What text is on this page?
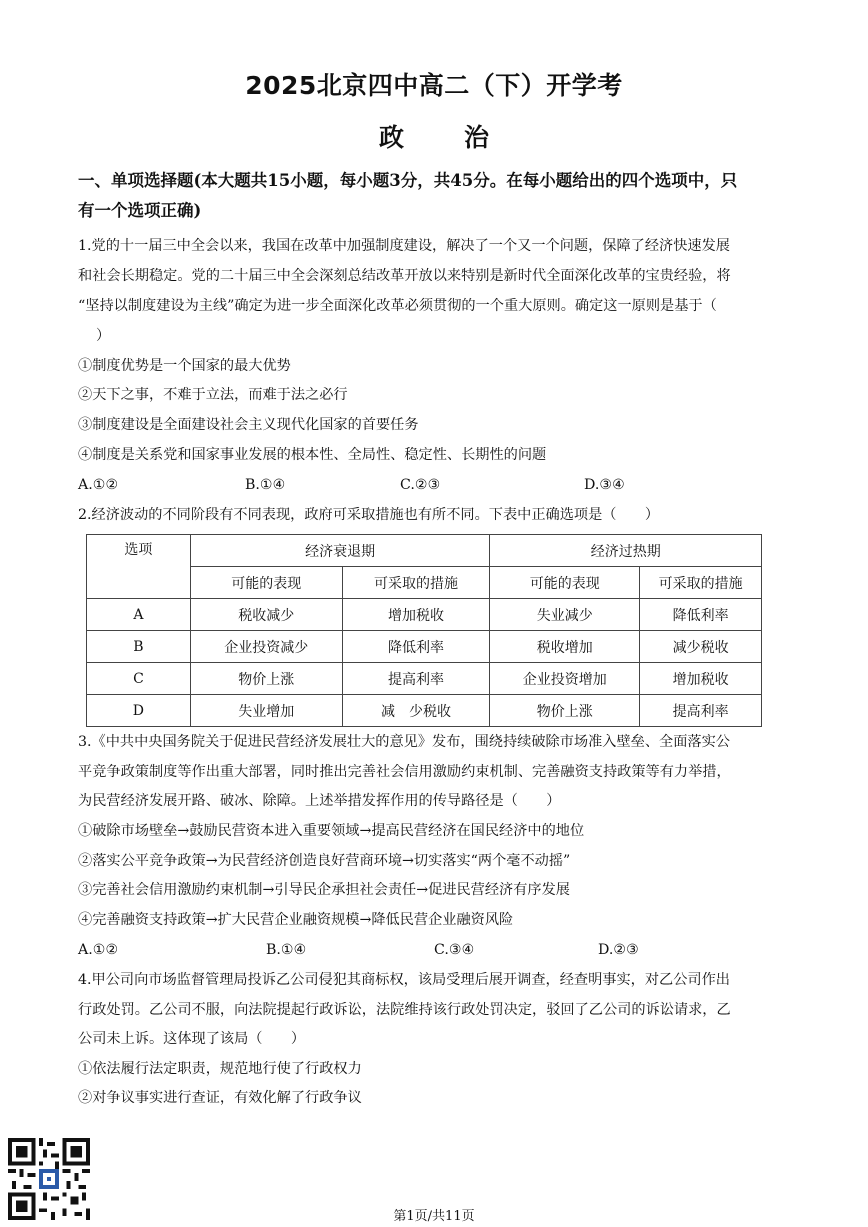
2025北京四中高二（下）开学考
政治
一、单项选择题(本大题共15小题，每小题3分，共45分。在每小题给出的四个选项中，只
有一个选项正确)
1.党的十一届三中全会以来，我国在改革中加强制度建设，解决了一个又一个问题，保障了经济快速发展
和社会长期稳定。党的二十届三中全会深刻总结改革开放以来特别是新时代全面深化改革的宝贵经验，将
“坚持以制度建设为主线”确定为进一步全面深化改革必须贯彻的一个重大原则。确定这一原则是基于（
）
①制度优势是一个国家的最大优势
②天下之事，不难于立法，而难于法之必行
③制度建设是全面建设社会主义现代化国家的首要任务
④制度是关系党和国家事业发展的根本性、全局性、稳定性、长期性的问题
A.①②	B.①④	C.②③	D.③④
2.经济波动的不同阶段有不同表现，政府可采取措施也有所不同。下表中正确选项是（　　）
选项	经济衰退期		经济过热期	
	可能的表现	可采取的措施	可能的表现	可采取的措施
A	税收减少	增加税收	失业减少	降低利率
B	企业投资减少	降低利率	税收增加	减少税收
C	物价上涨	提高利率	企业投资增加	增加税收
D	失业增加	减　少税收	物价上涨	提高利率
3.《中共中央国务院关于促进民营经济发展壮大的意见》发布，围绕持续破除市场准入壁垒、全面落实公
平竞争政策制度等作出重大部署，同时推出完善社会信用激励约束机制、完善融资支持政策等有力举措，
为民营经济发展开路、破冰、除障。上述举措发挥作用的传导路径是（　　）
①破除市场壁垒→鼓励民营资本进入重要领域→提高民营经济在国民经济中的地位
②落实公平竞争政策→为民营经济创造良好营商环境→切实落实“两个毫不动摇”
③完善社会信用激励约束机制→引导民企承担社会责任→促进民营经济有序发展
④完善融资支持政策→扩大民营企业融资规模→降低民营企业融资风险
A.①②	B.①④	C.③④	D.②③
4.甲公司向市场监督管理局投诉乙公司侵犯其商标权，该局受理后展开调查，经查明事实，对乙公司作出
行政处罚。乙公司不服，向法院提起行政诉讼，法院维持该行政处罚决定，驳回了乙公司的诉讼请求，乙
公司未上诉。这体现了该局（　　）
①依法履行法定职责，规范地行使了行政权力
②对争议事实进行查证，有效化解了行政争议
第1页/共11页
